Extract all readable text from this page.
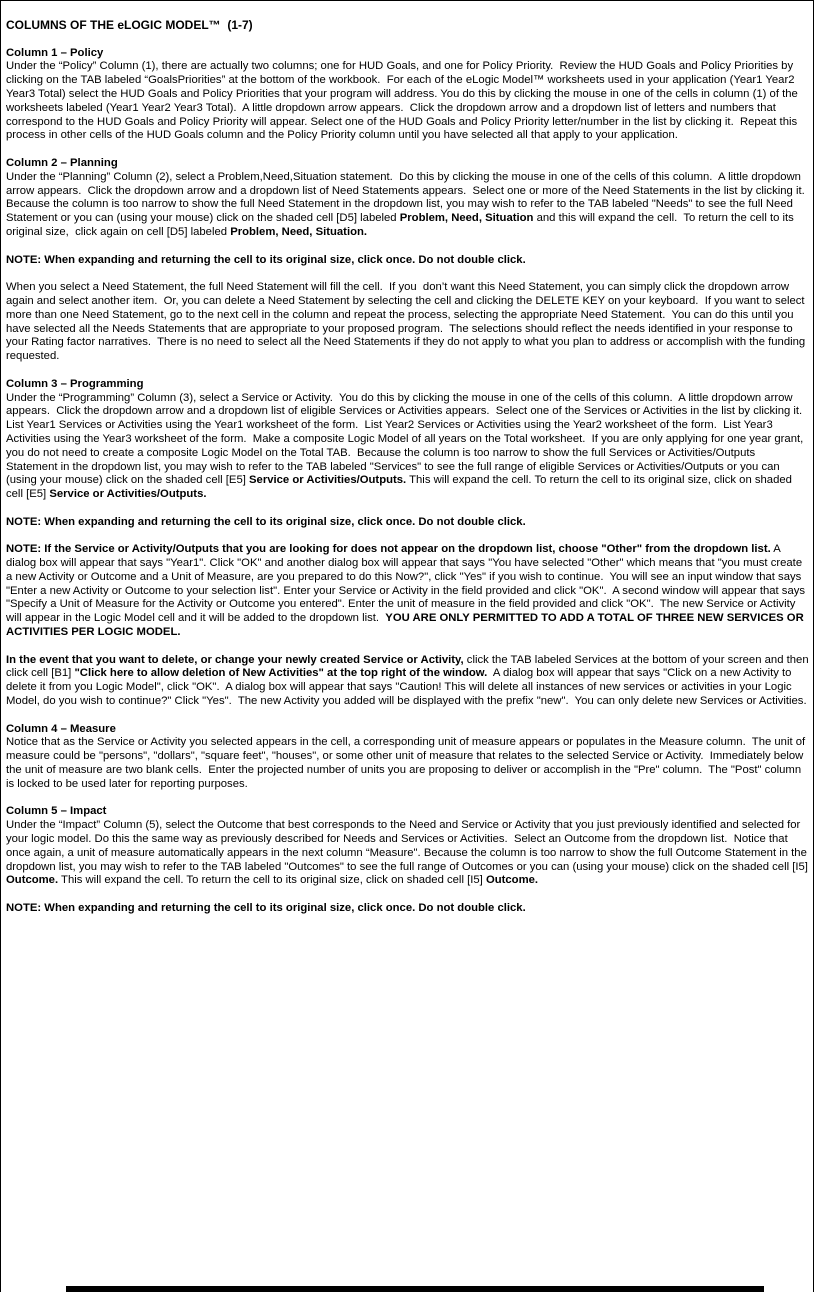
COLUMNS OF THE eLOGIC MODEL™  (1-7)
Column 1 – Policy
Under the “Policy” Column (1), there are actually two columns; one for HUD Goals, and one for Policy Priority.  Review the HUD Goals and Policy Priorities by clicking on the TAB labeled “GoalsPriorities” at the bottom of the workbook.  For each of the eLogic Model™ worksheets used in your application (Year1 Year2 Year3 Total) select the HUD Goals and Policy Priorities that your program will address. You do this by clicking the mouse in one of the cells in column (1) of the worksheets labeled (Year1 Year2 Year3 Total).  A little dropdown arrow appears.  Click the dropdown arrow and a dropdown list of letters and numbers that correspond to the HUD Goals and Policy Priority will appear. Select one of the HUD Goals and Policy Priority letter/number in the list by clicking it.  Repeat this process in other cells of the HUD Goals column and the Policy Priority column until you have selected all that apply to your application.
Column 2 – Planning
Under the “Planning” Column (2), select a Problem,Need,Situation statement.  Do this by clicking the mouse in one of the cells of this column.  A little dropdown arrow appears.  Click the dropdown arrow and a dropdown list of Need Statements appears.  Select one or more of the Need Statements in the list by clicking it.  Because the column is too narrow to show the full Need Statement in the dropdown list, you may wish to refer to the TAB labeled "Needs" to see the full Need Statement or you can (using your mouse) click on the shaded cell [D5] labeled Problem, Need, Situation and this will expand the cell.  To return the cell to its original size,  click again on cell [D5] labeled Problem, Need, Situation.
NOTE: When expanding and returning the cell to its original size, click once. Do not double click.
When you select a Need Statement, the full Need Statement will fill the cell.  If you  don’t want this Need Statement, you can simply click the dropdown arrow again and select another item.  Or, you can delete a Need Statement by selecting the cell and clicking the DELETE KEY on your keyboard.  If you want to select more than one Need Statement, go to the next cell in the column and repeat the process, selecting the appropriate Need Statement.  You can do this until you have selected all the Needs Statements that are appropriate to your proposed program.  The selections should reflect the needs identified in your response to your Rating factor narratives.  There is no need to select all the Need Statements if they do not apply to what you plan to address or accomplish with the funding requested.
Column 3 – Programming
Under the “Programming” Column (3), select a Service or Activity.  You do this by clicking the mouse in one of the cells of this column.  A little dropdown arrow appears.  Click the dropdown arrow and a dropdown list of eligible Services or Activities appears.  Select one of the Services or Activities in the list by clicking it. List Year1 Services or Activities using the Year1 worksheet of the form.  List Year2 Services or Activities using the Year2 worksheet of the form.  List Year3 Activities using the Year3 worksheet of the form.  Make a composite Logic Model of all years on the Total worksheet.  If you are only applying for one year grant, you do not need to create a composite Logic Model on the Total TAB.  Because the column is too narrow to show the full Services or Activities/Outputs Statement in the dropdown list, you may wish to refer to the TAB labeled "Services" to see the full range of eligible Services or Activities/Outputs or you can (using your mouse) click on the shaded cell [E5] Service or Activities/Outputs. This will expand the cell. To return the cell to its original size, click on shaded cell [E5] Service or Activities/Outputs.
NOTE: When expanding and returning the cell to its original size, click once. Do not double click.
NOTE: If the Service or Activity/Outputs that you are looking for does not appear on the dropdown list, choose "Other" from the dropdown list. A dialog box will appear that says "Year1". Click "OK" and another dialog box will appear that says "You have selected "Other" which means that "you must create a new Activity or Outcome and a Unit of Measure, are you prepared to do this Now?", click "Yes" if you wish to continue.  You will see an input window that says "Enter a new Activity or Outcome to your selection list". Enter your Service or Activity in the field provided and click "OK".  A second window will appear that says "Specify a Unit of Measure for the Activity or Outcome you entered". Enter the unit of measure in the field provided and click "OK".  The new Service or Activity will appear in the Logic Model cell and it will be added to the dropdown list.  YOU ARE ONLY PERMITTED TO ADD A TOTAL OF THREE NEW SERVICES OR ACTIVITIES PER LOGIC MODEL.
In the event that you want to delete, or change your newly created Service or Activity, click the TAB labeled Services at the bottom of your screen and then click cell [B1] "Click here to allow deletion of New Activities" at the top right of the window.  A dialog box will appear that says "Click on a new Activity to delete it from you Logic Model", click "OK".  A dialog box will appear that says "Caution! This will delete all instances of new services or activities in your Logic Model, do you wish to continue?" Click "Yes".  The new Activity you added will be displayed with the prefix "new".  You can only delete new Services or Activities.
Column 4 – Measure
Notice that as the Service or Activity you selected appears in the cell, a corresponding unit of measure appears or populates in the Measure column.  The unit of measure could be "persons", "dollars", "square feet", "houses", or some other unit of measure that relates to the selected Service or Activity.  Immediately below the unit of measure are two blank cells.  Enter the projected number of units you are proposing to deliver or accomplish in the "Pre" column.  The "Post" column is locked to be used later for reporting purposes.
Column 5 – Impact
Under the “Impact” Column (5), select the Outcome that best corresponds to the Need and Service or Activity that you just previously identified and selected for your logic model. Do this the same way as previously described for Needs and Services or Activities.  Select an Outcome from the dropdown list.  Notice that once again, a unit of measure automatically appears in the next column “Measure". Because the column is too narrow to show the full Outcome Statement in the dropdown list, you may wish to refer to the TAB labeled "Outcomes" to see the full range of Outcomes or you can (using your mouse) click on the shaded cell [I5] Outcome. This will expand the cell. To return the cell to its original size, click on shaded cell [I5] Outcome.
NOTE: When expanding and returning the cell to its original size, click once. Do not double click.
